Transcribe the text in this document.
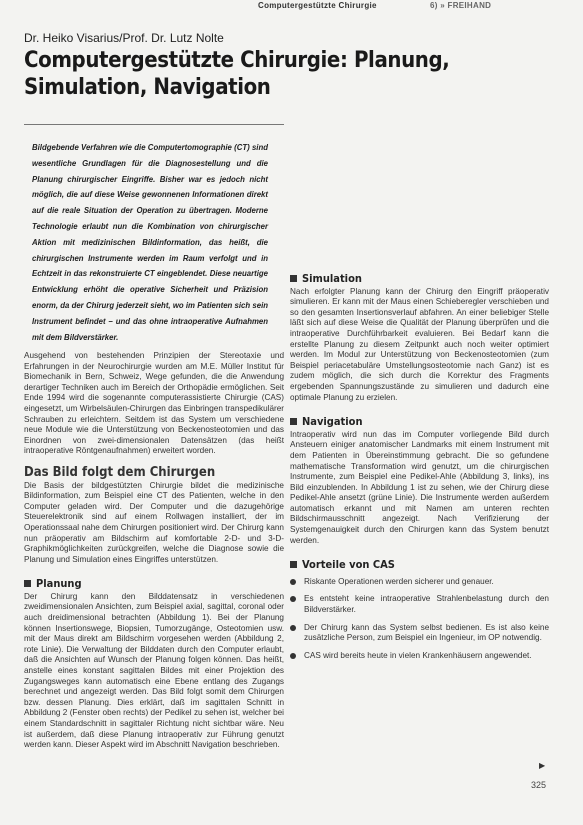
Computergestützte Chirurgie	6) » FREIHAND
Dr. Heiko Visarius/Prof. Dr. Lutz Nolte
Computergestützte Chirurgie: Planung, Simulation, Navigation
Bildgebende Verfahren wie die Computertomographie (CT) sind wesentliche Grundlagen für die Diagnosestellung und die Planung chirurgischer Eingriffe. Bisher war es jedoch nicht möglich, die auf diese Weise gewonnenen Informationen direkt auf die reale Situation der Operation zu übertragen. Moderne Technologie erlaubt nun die Kombination von chirurgischer Aktion mit medizinischen Bildinformation, das heißt, die chirurgischen Instrumente werden im Raum verfolgt und in Echtzeit in das rekonstruierte CT eingeblendet. Diese neuartige Entwicklung erhöht die operative Sicherheit und Präzision enorm, da der Chirurg jederzeit sieht, wo im Patienten sich sein Instrument befindet – und das ohne intraoperative Aufnahmen mit dem Bildverstärker.

Ausgehend von bestehenden Prinzipien der Stereotaxie und Erfahrungen in der Neurochirurgie wurden am M.E. Müller Institut für Biomechanik in Bern, Schweiz, Wege gefunden, die die Anwendung derartiger Techniken auch im Bereich der Orthopädie ermöglichen. Seit Ende 1994 wird die sogenannte computerassistierte Chirurgie (CAS) eingesetzt, um Wirbelsäulen-Chirurgen das Einbringen transpedikulärer Schrauben zu erleichtern. Seitdem ist das System um verschiedene neue Module wie die Unterstützung von Beckenosteotomien und das Einordnen von zwei-dimensionalen Datensätzen (das heißt intraoperative Röntgenaufnahmen) erweitert worden.

Das Bild folgt dem Chirurgen

Die Basis der bildgestützten Chirurgie bildet die medizinische Bildinformation, zum Beispiel eine CT des Patienten, welche in den Computer geladen wird. Der Computer und die dazugehörige Steuerelektronik sind auf einem Rollwagen installiert, der im Operationssaal nahe dem Chirurgen positioniert wird. Der Chirurg kann nun präoperativ am Bildschirm auf komfortable 2-D- und 3-D-Graphikmöglichkeiten zurückgreifen, welche die Diagnose sowie die Planung und Simulation eines Eingriffes unterstützen.

Planung

Der Chirurg kann den Bilddatensatz in verschiedenen zweidimensionalen Ansichten, zum Beispiel axial, sagittal, coronal oder auch dreidimensional betrachten (Abbildung 1). Bei der Planung können Insertionswege, Biopsien, Tumorzugänge, Osteotomien usw. mit der Maus direkt am Bildschirm vorgesehen werden (Abbildung 2, rote Linie). Die Verwaltung der Bilddaten durch den Computer erlaubt, daß die Ansichten auf Wunsch der Planung folgen können. Das heißt, anstelle eines konstant sagittalen Bildes mit einer Projektion des Zugangsweges kann automatisch eine Ebene entlang des Zugangs berechnet und angezeigt werden. Das Bild folgt somit dem Chirurgen bzw. dessen Planung. Dies erklärt, daß im sagittalen Schnitt in Abbildung 2 (Fenster oben rechts) der Pedikel zu sehen ist, welcher bei einem Standardschnitt in sagittaler Richtung nicht sichtbar wäre. Neu ist außerdem, daß diese Planung intraoperativ zur Führung genutzt werden kann. Dieser Aspekt wird im Abschnitt Navigation beschrieben.

Simulation

Nach erfolgter Planung kann der Chirurg den Eingriff präoperativ simulieren. Er kann mit der Maus einen Schieberegler verschieben und so den gesamten Insertionsverlauf abfahren. An einer beliebiger Stelle läßt sich auf diese Weise die Qualität der Planung überprüfen und die intraoperative Durchführbarkeit evaluieren. Bei Bedarf kann die erstellte Planung zu diesem Zeitpunkt auch noch weiter optimiert werden. Im Modul zur Unterstützung von Beckenosteotomien (zum Beispiel periacetabuläre Umstellungsosteotomie nach Ganz) ist es zudem möglich, die sich durch die Korrektur des Fragments ergebenden Spannungszustände zu simulieren und dadurch eine optimale Planung zu erzielen.

Navigation

Intraoperativ wird nun das im Computer vorliegende Bild durch Ansteuern einiger anatomischer Landmarks mit einem Instrument mit dem Patienten in Übereinstimmung gebracht. Die so gefundene mathematische Transformation wird genutzt, um die chirurgischen Instrumente, zum Beispiel eine Pedikel-Ahle (Abbildung 3, links), ins Bild einzublenden. In Abbildung 1 ist zu sehen, wie der Chirurg diese Pedikel-Ahle ansetzt (grüne Linie). Die Instrumente werden außerdem automatisch erkannt und mit Namen am unteren rechten Bildschirmausschnitt angezeigt. Nach Verifizierung der Systemgenauigkeit durch den Chirurgen kann das System benutzt werden.

Vorteile von CAS

Riskante Operationen werden sicherer und genauer.
Es entsteht keine intraoperative Strahlenbelastung durch den Bildverstärker.
Der Chirurg kann das System selbst bedienen. Es ist also keine zusätzliche Person, zum Beispiel ein Ingenieur, im OP notwendig.
CAS wird bereits heute in vielen Krankenhäusern angewendet.
▶
325
